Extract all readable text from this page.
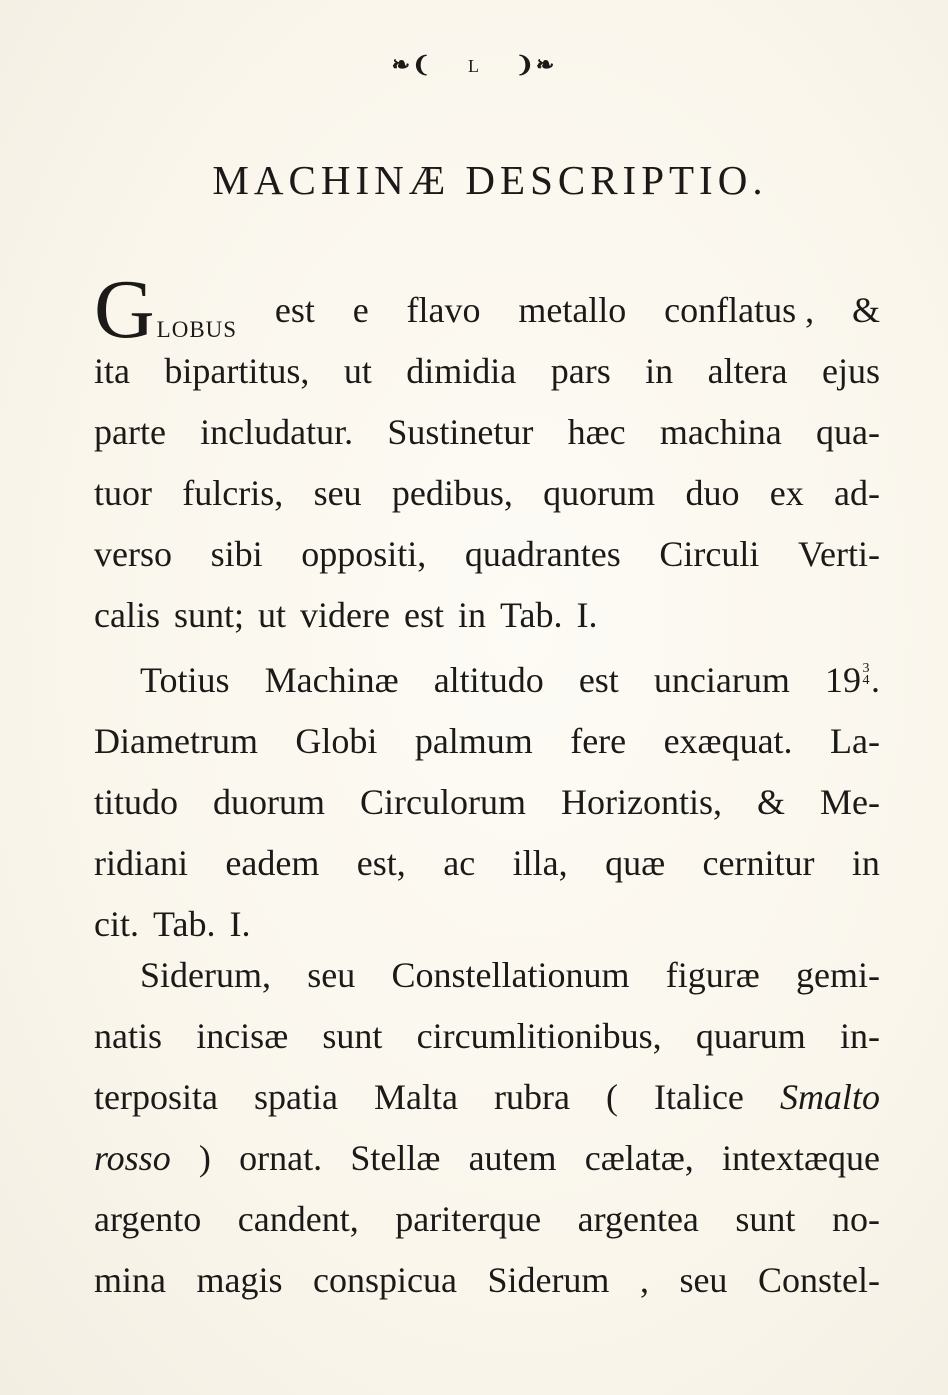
❧❨ L ❩❧
MACHINÆ DESCRIPTIO.
GLOBUS est e flavo metallo conflatus , &
ita bipartitus, ut dimidia pars in altera ejus
parte includatur. Sustinetur hæc machina qua-
tuor fulcris, seu pedibus, quorum duo ex ad-
verso sibi oppositi, quadrantes Circuli Verti-
calis sunt; ut videre est in Tab. I.
Totius Machinæ altitudo est unciarum 19 3
4.
Diametrum Globi palmum fere exæquat. La-
titudo duorum Circulorum Horizontis, & Me-
ridiani eadem est, ac illa, quæ cernitur in
cit. Tab. I.
Siderum, seu Constellationum figuræ gemi-
natis incisæ sunt circumlitionibus, quarum in-
terposita spatia Malta rubra ( Italice Smalto
rosso ) ornat. Stellæ autem cælatæ, intextæque
argento candent, pariterque argentea sunt no-
mina magis conspicua Siderum , seu Constel-
